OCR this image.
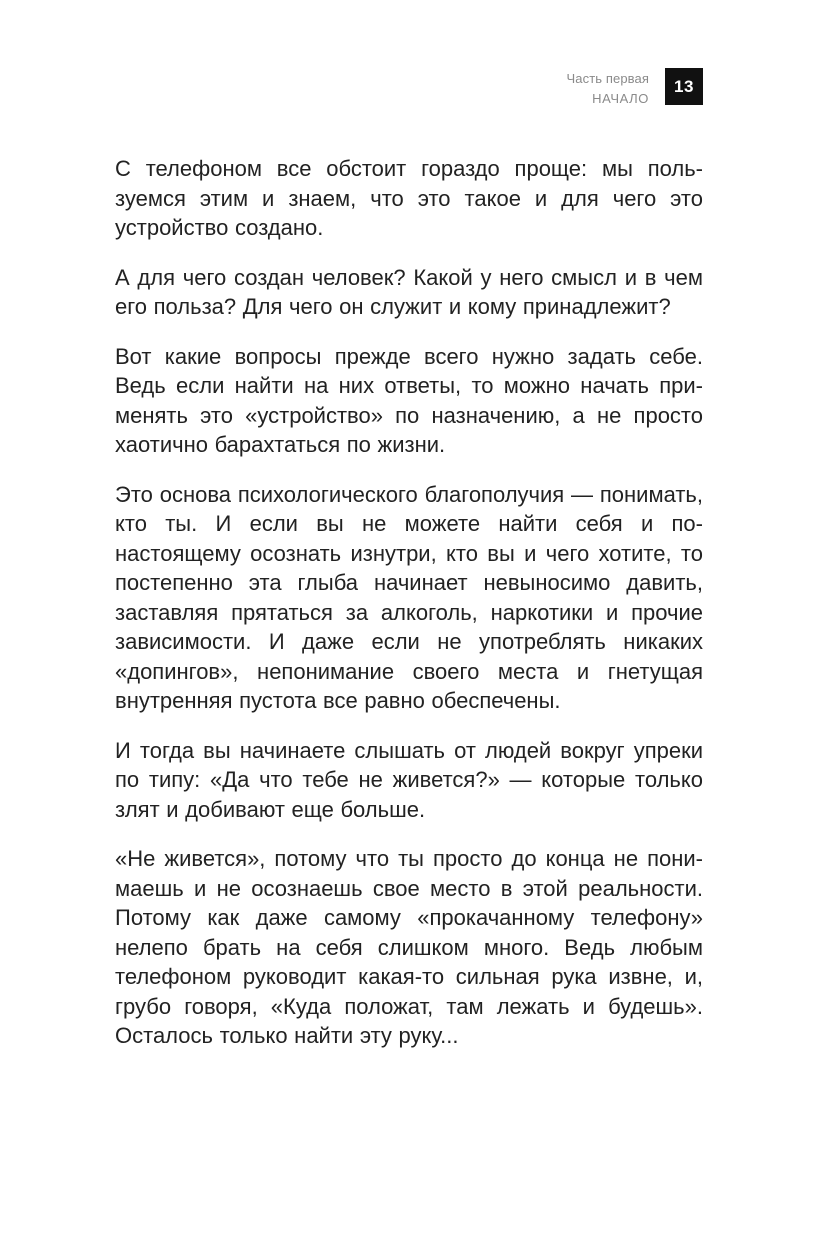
Часть первая
НАЧАЛО
13

С телефоном все обстоит гораздо проще: мы пользуемся этим и знаем, что это такое и для чего это устройство создано.

А для чего создан человек? Какой у него смысл и в чем его польза? Для чего он служит и кому принадлежит?

Вот какие вопросы прежде всего нужно задать себе. Ведь если найти на них ответы, то можно начать применять это «устройство» по назначению, а не просто хаотично барахтаться по жизни.

Это основа психологического благополучия — понимать, кто ты. И если вы не можете найти себя и по-настоящему осознать изнутри, кто вы и чего хотите, то постепенно эта глыба начинает невыносимо давить, заставляя прятаться за алкоголь, наркотики и прочие зависимости. И даже если не употреблять никаких «допингов», непонимание своего места и гнетущая внутренняя пустота все равно обеспечены.

И тогда вы начинаете слышать от людей вокруг упреки по типу: «Да что тебе не живется?» — которые только злят и добивают еще больше.

«Не живется», потому что ты просто до конца не понимаешь и не осознаешь свое место в этой реальности. Потому как даже самому «прокачанному телефону» нелепо брать на себя слишком много. Ведь любым телефоном руководит какая-то сильная рука извне, и, грубо говоря, «Куда положат, там лежать и будешь». Осталось только найти эту руку...
